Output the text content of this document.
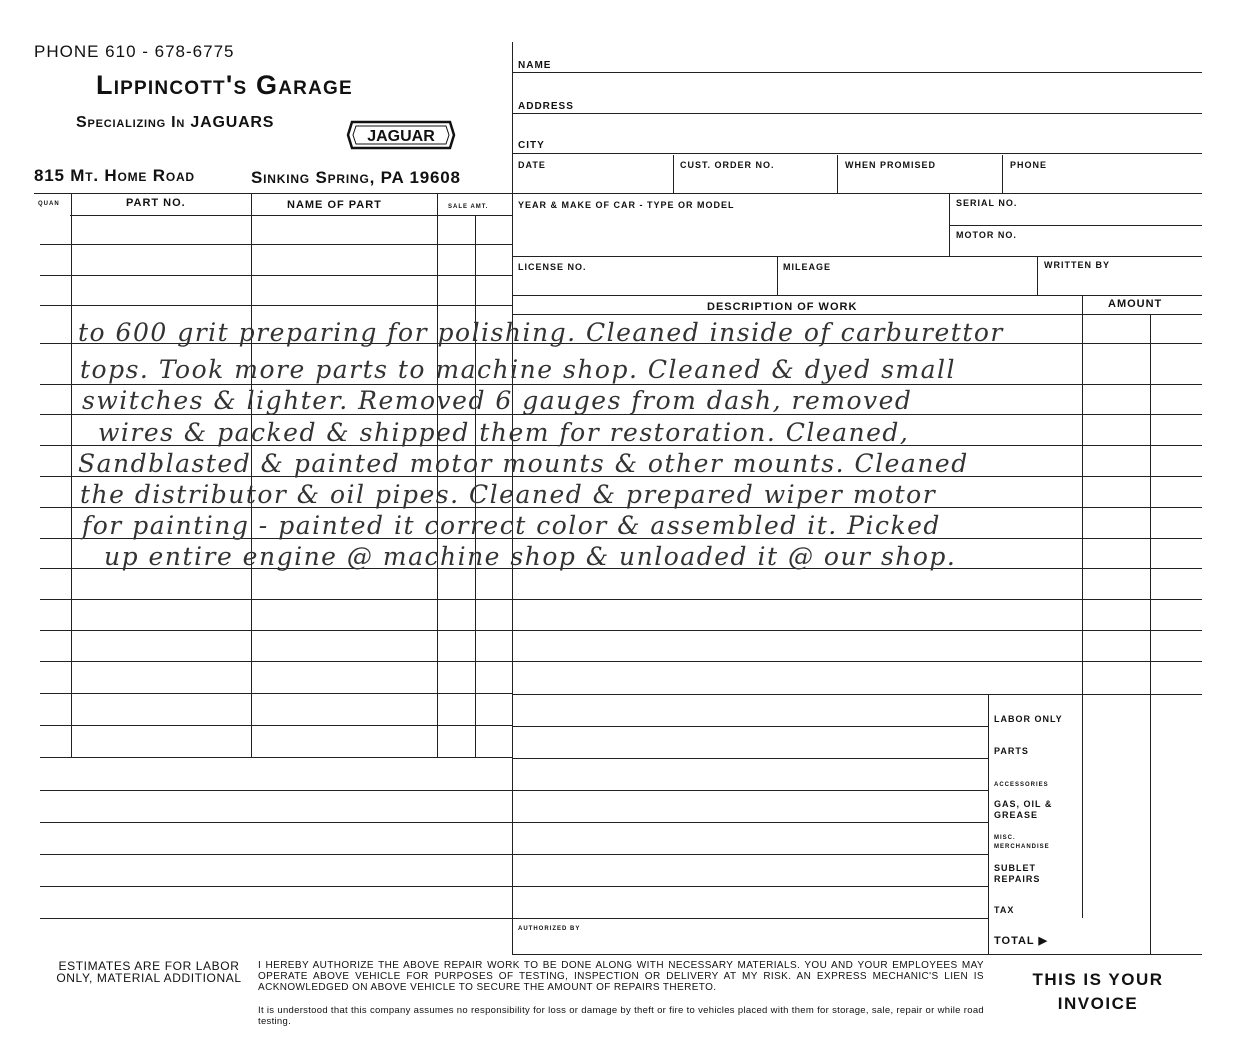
PHONE 610 - 678-6775
Lippincott's Garage
Specializing In JAGUARS
JAGUAR
815 Mt. Home Road	Sinking Spring, PA 19608
NAME
ADDRESS
CITY
DATE	CUST. ORDER NO.	WHEN PROMISED	PHONE
YEAR & MAKE OF CAR - TYPE OR MODEL	SERIAL NO.
MOTOR NO.
LICENSE NO.	MILEAGE	WRITTEN BY
QUAN	PART NO.	NAME OF PART	SALE AMT.
DESCRIPTION OF WORK	AMOUNT
to 600 grit preparing for polishing. Cleaned inside of carburettor
tops. Took more parts to machine shop. Cleaned & dyed small
switches & lighter. Removed 6 gauges from dash, removed
wires & packed & shipped them for restoration. Cleaned,
Sandblasted & painted motor mounts & other mounts. Cleaned
the distributor & oil pipes. Cleaned & prepared wiper motor
for painting - painted it correct color & assembled it. Picked
up entire engine @ machine shop & unloaded it @ our shop.
LABOR ONLY
PARTS
ACCESSORIES
GAS, OIL & GREASE
MISC. MERCHANDISE
SUBLET REPAIRS
TAX
TOTAL ▶
AUTHORIZED BY
ESTIMATES ARE FOR LABOR ONLY, MATERIAL ADDITIONAL
I HEREBY AUTHORIZE THE ABOVE REPAIR WORK TO BE DONE ALONG WITH NECESSARY MATERIALS. YOU AND YOUR EMPLOYEES MAY OPERATE ABOVE VEHICLE FOR PURPOSES OF TESTING, INSPECTION OR DELIVERY AT MY RISK. AN EXPRESS MECHANIC'S LIEN IS ACKNOWLEDGED ON ABOVE VEHICLE TO SECURE THE AMOUNT OF REPAIRS THERETO.
It is understood that this company assumes no responsibility for loss or damage by theft or fire to vehicles placed with them for storage, sale, repair or while road testing.
THIS IS YOUR INVOICE
